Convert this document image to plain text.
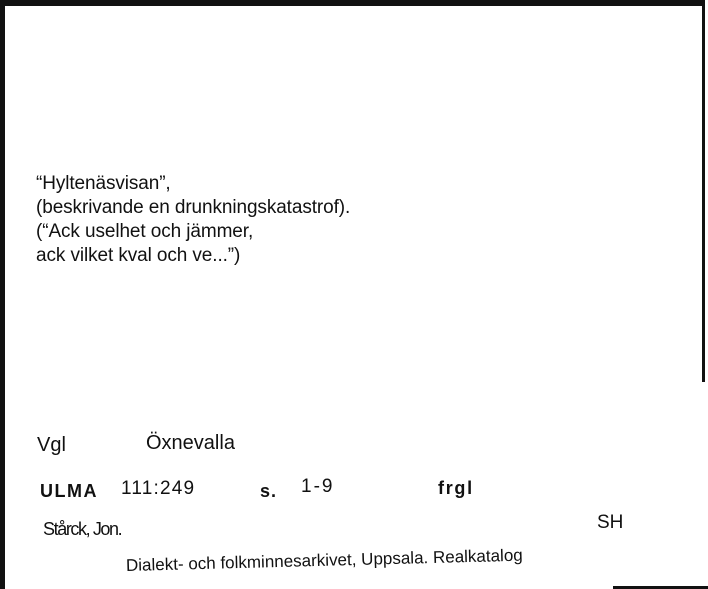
“Hyltenäsvisan”,
(beskrivande en drunkningskatastrof).
(“Ack uselhet och jämmer,
ack vilket kval och ve...”)
Vgl	Öxnevalla
ULMA 111:249	s. 1-9	frgl
Stårck, Jon.	SH
Dialekt- och folkminnesarkivet, Uppsala. Realkatalog
